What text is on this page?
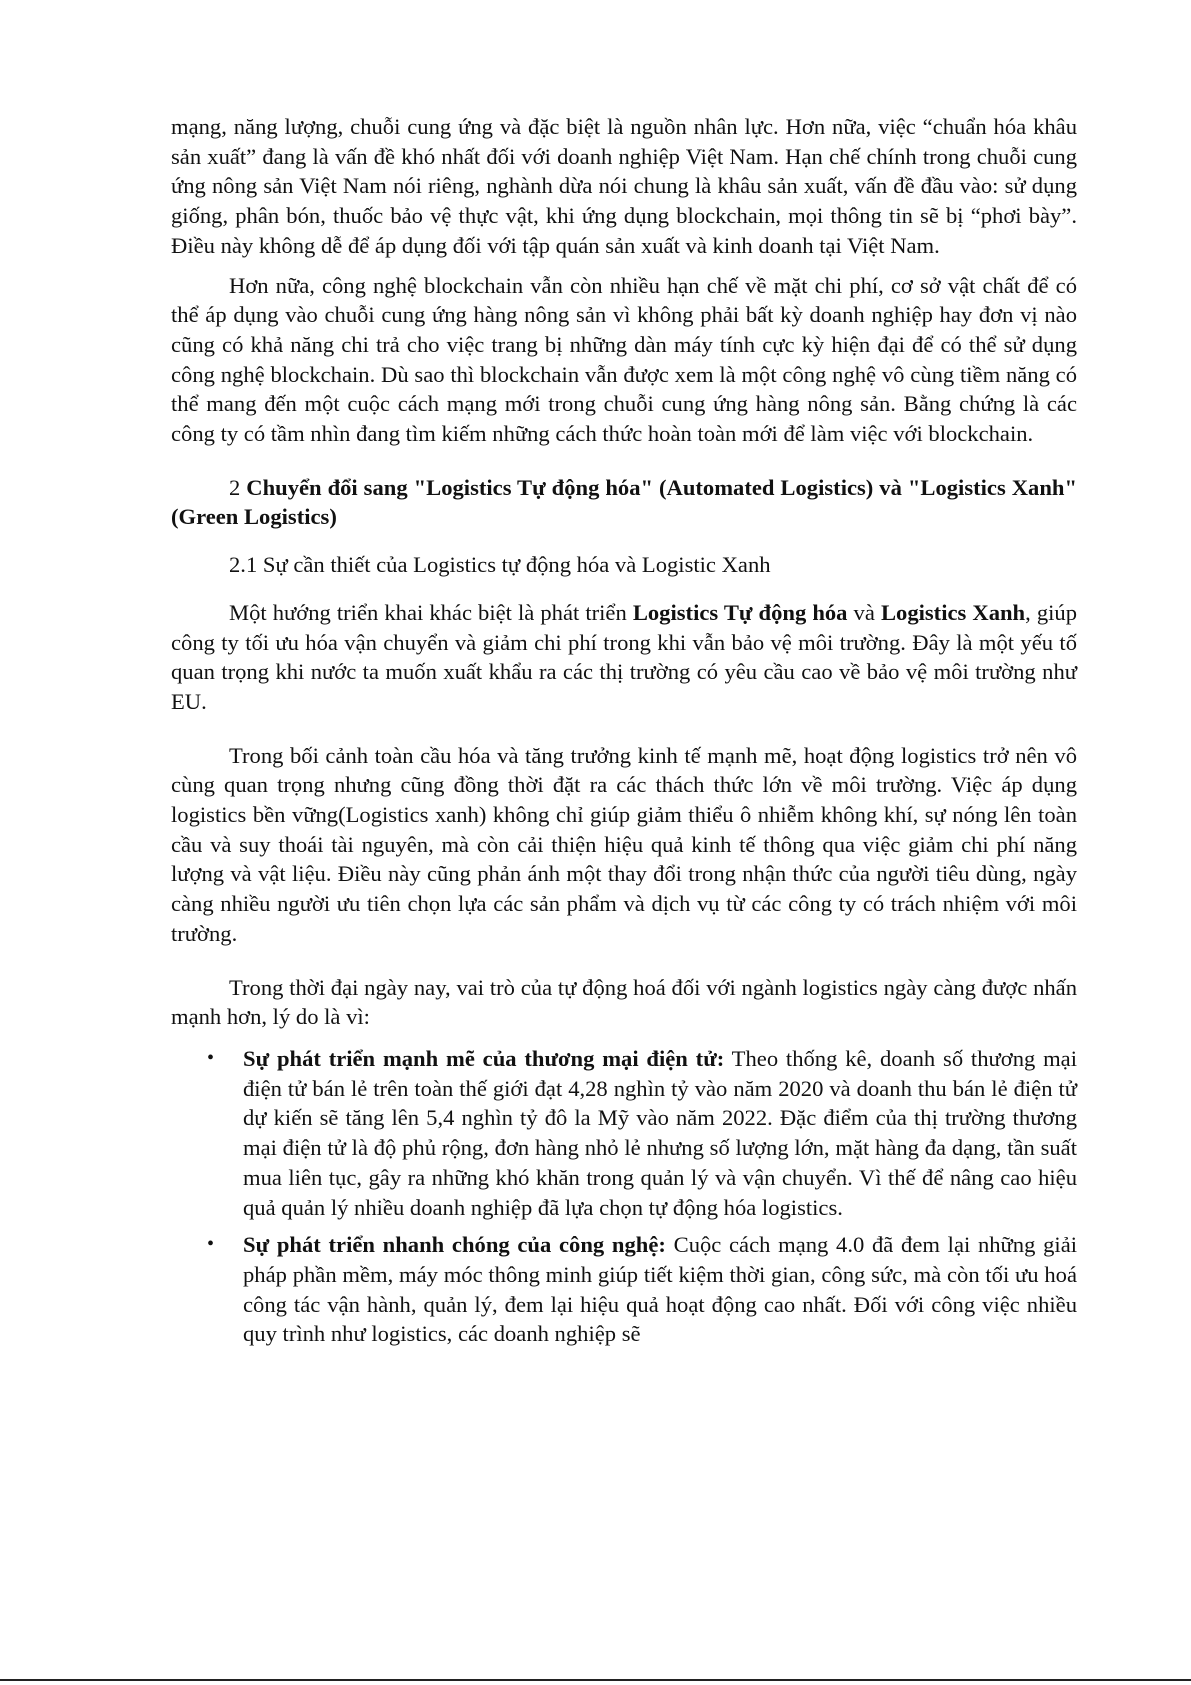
mạng, năng lượng, chuỗi cung ứng và đặc biệt là nguồn nhân lực. Hơn nữa, việc “chuẩn hóa khâu sản xuất” đang là vấn đề khó nhất đối với doanh nghiệp Việt Nam. Hạn chế chính trong chuỗi cung ứng nông sản Việt Nam nói riêng, nghành dừa nói chung là khâu sản xuất, vấn đề đầu vào: sử dụng giống, phân bón, thuốc bảo vệ thực vật, khi ứng dụng blockchain, mọi thông tin sẽ bị “phơi bày”. Điều này không dễ để áp dụng đối với tập quán sản xuất và kinh doanh tại Việt Nam.

Hơn nữa, công nghệ blockchain vẫn còn nhiều hạn chế về mặt chi phí, cơ sở vật chất để có thể áp dụng vào chuỗi cung ứng hàng nông sản vì không phải bất kỳ doanh nghiệp hay đơn vị nào cũng có khả năng chi trả cho việc trang bị những dàn máy tính cực kỳ hiện đại để có thể sử dụng công nghệ blockchain. Dù sao thì blockchain vẫn được xem là một công nghệ vô cùng tiềm năng có thể mang đến một cuộc cách mạng mới trong chuỗi cung ứng hàng nông sản. Bằng chứng là các công ty có tầm nhìn đang tìm kiếm những cách thức hoàn toàn mới để làm việc với blockchain.

2 Chuyển đổi sang "Logistics Tự động hóa" (Automated Logistics) và "Logistics Xanh" (Green Logistics)

2.1 Sự cần thiết của Logistics tự động hóa và Logistic Xanh

Một hướng triển khai khác biệt là phát triển Logistics Tự động hóa và Logistics Xanh, giúp công ty tối ưu hóa vận chuyển và giảm chi phí trong khi vẫn bảo vệ môi trường. Đây là một yếu tố quan trọng khi nước ta muốn xuất khẩu ra các thị trường có yêu cầu cao về bảo vệ môi trường như EU.

Trong bối cảnh toàn cầu hóa và tăng trưởng kinh tế mạnh mẽ, hoạt động logistics trở nên vô cùng quan trọng nhưng cũng đồng thời đặt ra các thách thức lớn về môi trường. Việc áp dụng logistics bền vững(Logistics xanh) không chỉ giúp giảm thiểu ô nhiễm không khí, sự nóng lên toàn cầu và suy thoái tài nguyên, mà còn cải thiện hiệu quả kinh tế thông qua việc giảm chi phí năng lượng và vật liệu. Điều này cũng phản ánh một thay đổi trong nhận thức của người tiêu dùng, ngày càng nhiều người ưu tiên chọn lựa các sản phẩm và dịch vụ từ các công ty có trách nhiệm với môi trường.

Trong thời đại ngày nay, vai trò của tự động hoá đối với ngành logistics ngày càng được nhấn mạnh hơn, lý do là vì:

• Sự phát triển mạnh mẽ của thương mại điện tử: Theo thống kê, doanh số thương mại điện tử bán lẻ trên toàn thế giới đạt 4,28 nghìn tỷ vào năm 2020 và doanh thu bán lẻ điện tử dự kiến sẽ tăng lên 5,4 nghìn tỷ đô la Mỹ vào năm 2022. Đặc điểm của thị trường thương mại điện tử là độ phủ rộng, đơn hàng nhỏ lẻ nhưng số lượng lớn, mặt hàng đa dạng, tần suất mua liên tục, gây ra những khó khăn trong quản lý và vận chuyển. Vì thế để nâng cao hiệu quả quản lý nhiều doanh nghiệp đã lựa chọn tự động hóa logistics.
• Sự phát triển nhanh chóng của công nghệ: Cuộc cách mạng 4.0 đã đem lại những giải pháp phần mềm, máy móc thông minh giúp tiết kiệm thời gian, công sức, mà còn tối ưu hoá công tác vận hành, quản lý, đem lại hiệu quả hoạt động cao nhất. Đối với công việc nhiều quy trình như logistics, các doanh nghiệp sẽ
